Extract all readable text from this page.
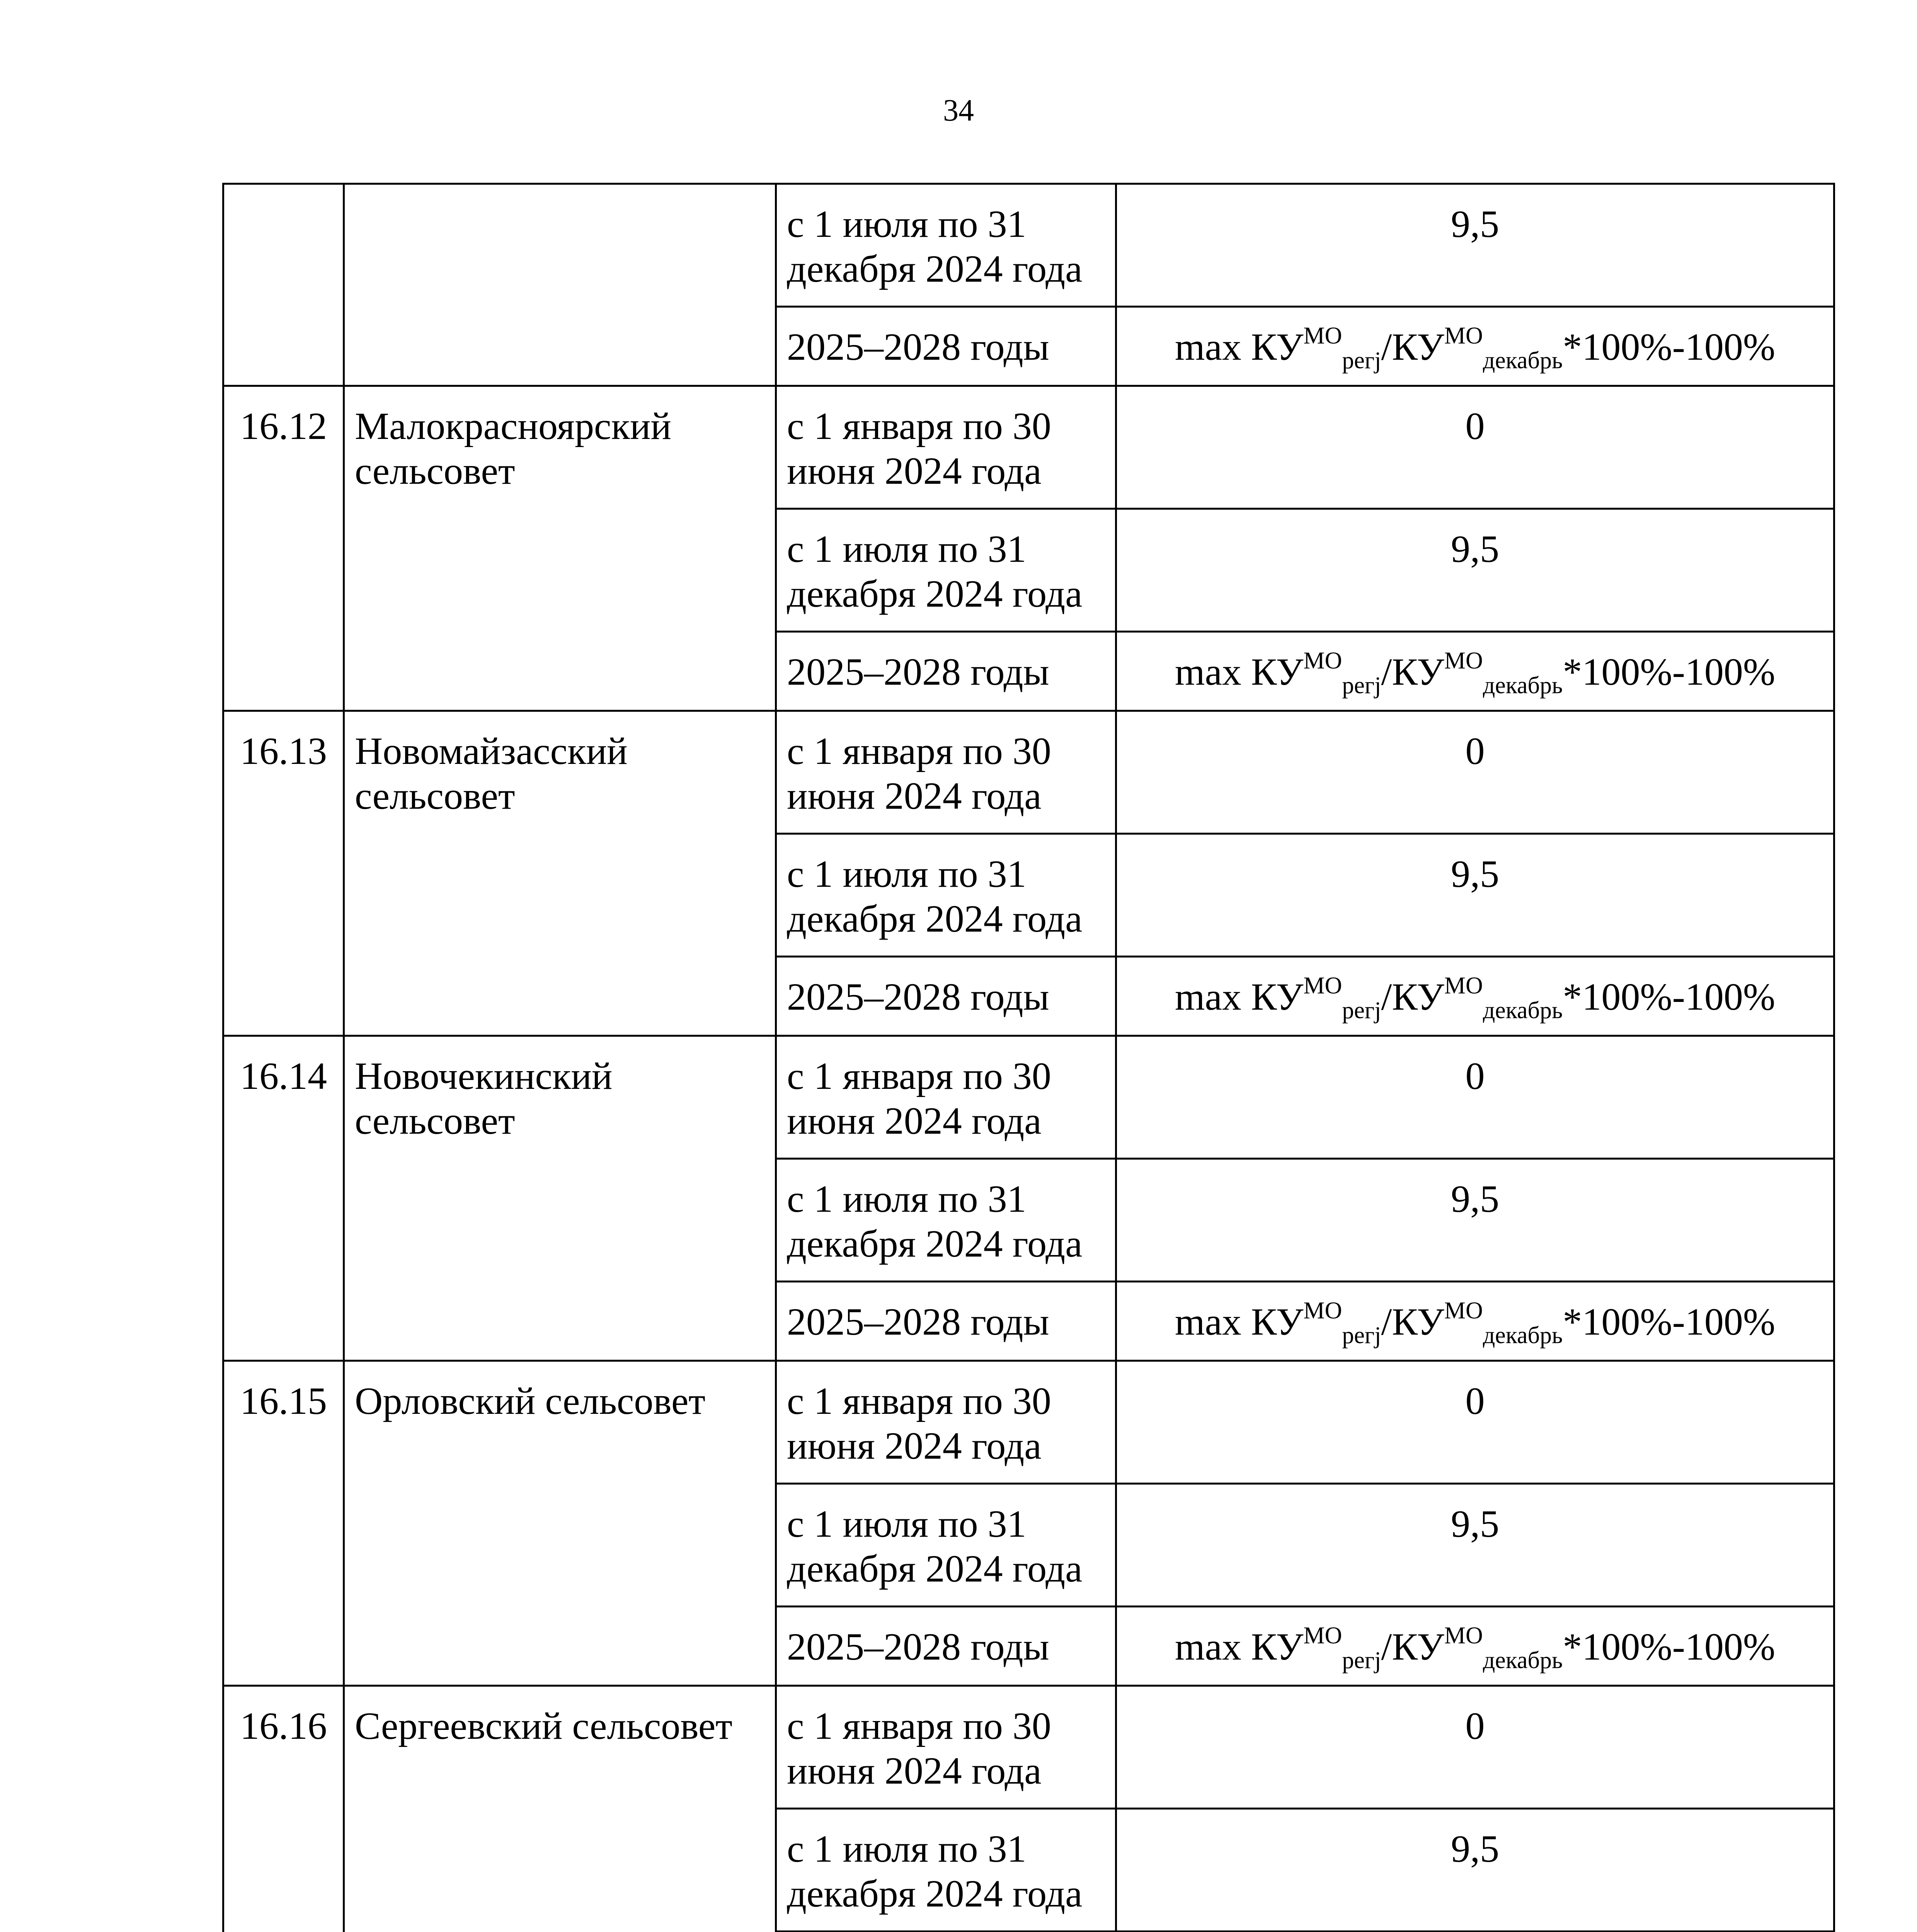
34
		с 1 июля по 31 декабря 2024 года	9,5
		2025–2028 годы	$\max КУ^{МО}_{регj}/КУ^{МО}_{декабрь}*100\%-100\%$
16.12	Малокрасноярский сельсовет	с 1 января по 30 июня 2024 года	0
		с 1 июля по 31 декабря 2024 года	9,5
		2025–2028 годы	$\max КУ^{МО}_{регj}/КУ^{МО}_{декабрь}*100\%-100\%$
16.13	Новомайзасский сельсовет	с 1 января по 30 июня 2024 года	0
		с 1 июля по 31 декабря 2024 года	9,5
		2025–2028 годы	$\max КУ^{МО}_{регj}/КУ^{МО}_{декабрь}*100\%-100\%$
16.14	Новочекинский сельсовет	с 1 января по 30 июня 2024 года	0
		с 1 июля по 31 декабря 2024 года	9,5
		2025–2028 годы	$\max КУ^{МО}_{регj}/КУ^{МО}_{декабрь}*100\%-100\%$
16.15	Орловский сельсовет	с 1 января по 30 июня 2024 года	0
		с 1 июля по 31 декабря 2024 года	9,5
		2025–2028 годы	$\max КУ^{МО}_{регj}/КУ^{МО}_{декабрь}*100\%-100\%$
16.16	Сергеевский сельсовет	с 1 января по 30 июня 2024 года	0
		с 1 июля по 31 декабря 2024 года	9,5
